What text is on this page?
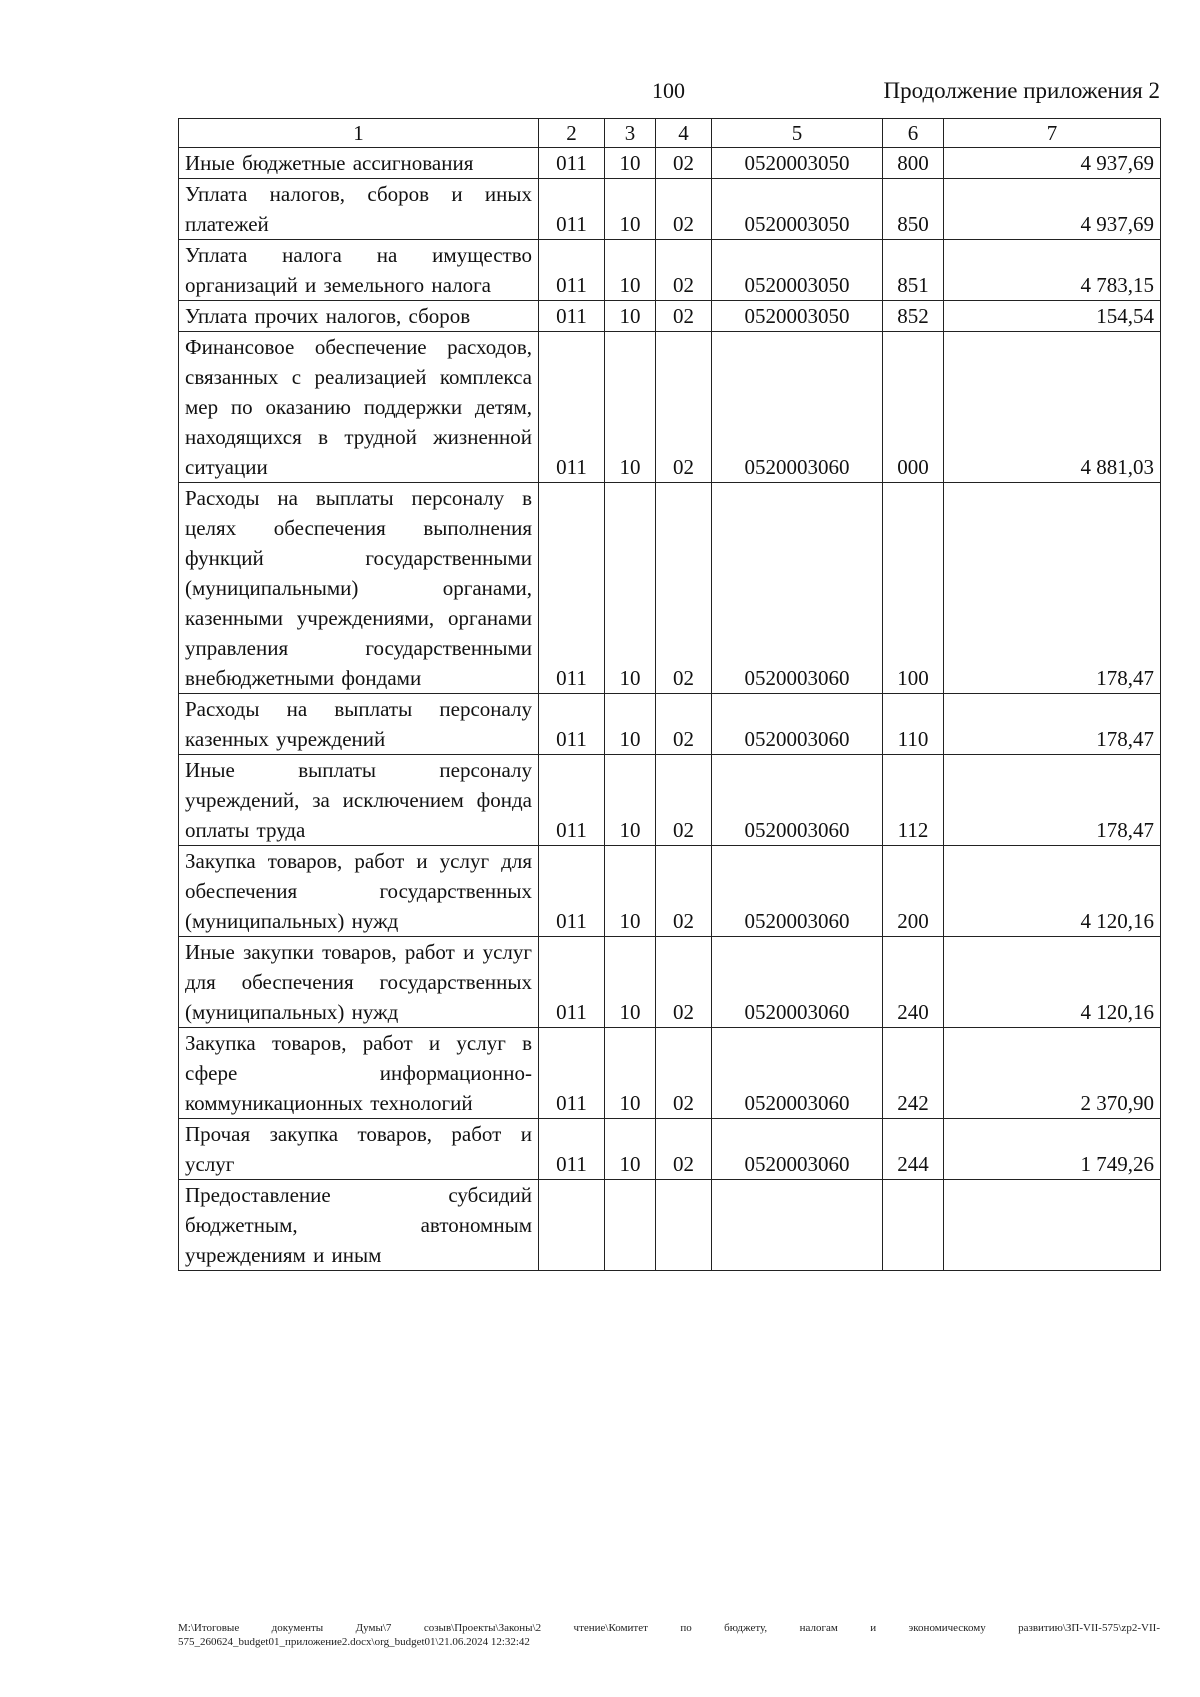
100	Продолжение приложения 2
1	2	3	4	5	6	7
Иные бюджетные ассигнования	011	10	02	0520003050	800	4 937,69
Уплата налогов, сборов и иных платежей	011	10	02	0520003050	850	4 937,69
Уплата налога на имущество организаций и земельного налога	011	10	02	0520003050	851	4 783,15
Уплата прочих налогов, сборов	011	10	02	0520003050	852	154,54
Финансовое обеспечение расходов, связанных с реализацией комплекса мер по оказанию поддержки детям, находящихся в трудной жизненной ситуации	011	10	02	0520003060	000	4 881,03
Расходы на выплаты персоналу в целях обеспечения выполнения функций государственными (муниципальными) органами, казенными учреждениями, органами управления государственными внебюджетными фондами	011	10	02	0520003060	100	178,47
Расходы на выплаты персоналу казенных учреждений	011	10	02	0520003060	110	178,47
Иные выплаты персоналу учреждений, за исключением фонда оплаты труда	011	10	02	0520003060	112	178,47
Закупка товаров, работ и услуг для обеспечения государственных (муниципальных) нужд	011	10	02	0520003060	200	4 120,16
Иные закупки товаров, работ и услуг для обеспечения государственных (муниципальных) нужд	011	10	02	0520003060	240	4 120,16
Закупка товаров, работ и услуг в сфере информационно-коммуникационных технологий	011	10	02	0520003060	242	2 370,90
Прочая закупка товаров, работ и услуг	011	10	02	0520003060	244	1 749,26
Предоставление субсидий бюджетным, автономным учреждениям и иным						
M:\Итоговые документы Думы\7 созыв\Проекты\Законы\2 чтение\Комитет по бюджету, налогам и экономическому развитию\ЗП-VII-575\zp2-VII-575_260624_budget01_приложение2.docx\org_budget01\21.06.2024 12:32:42
